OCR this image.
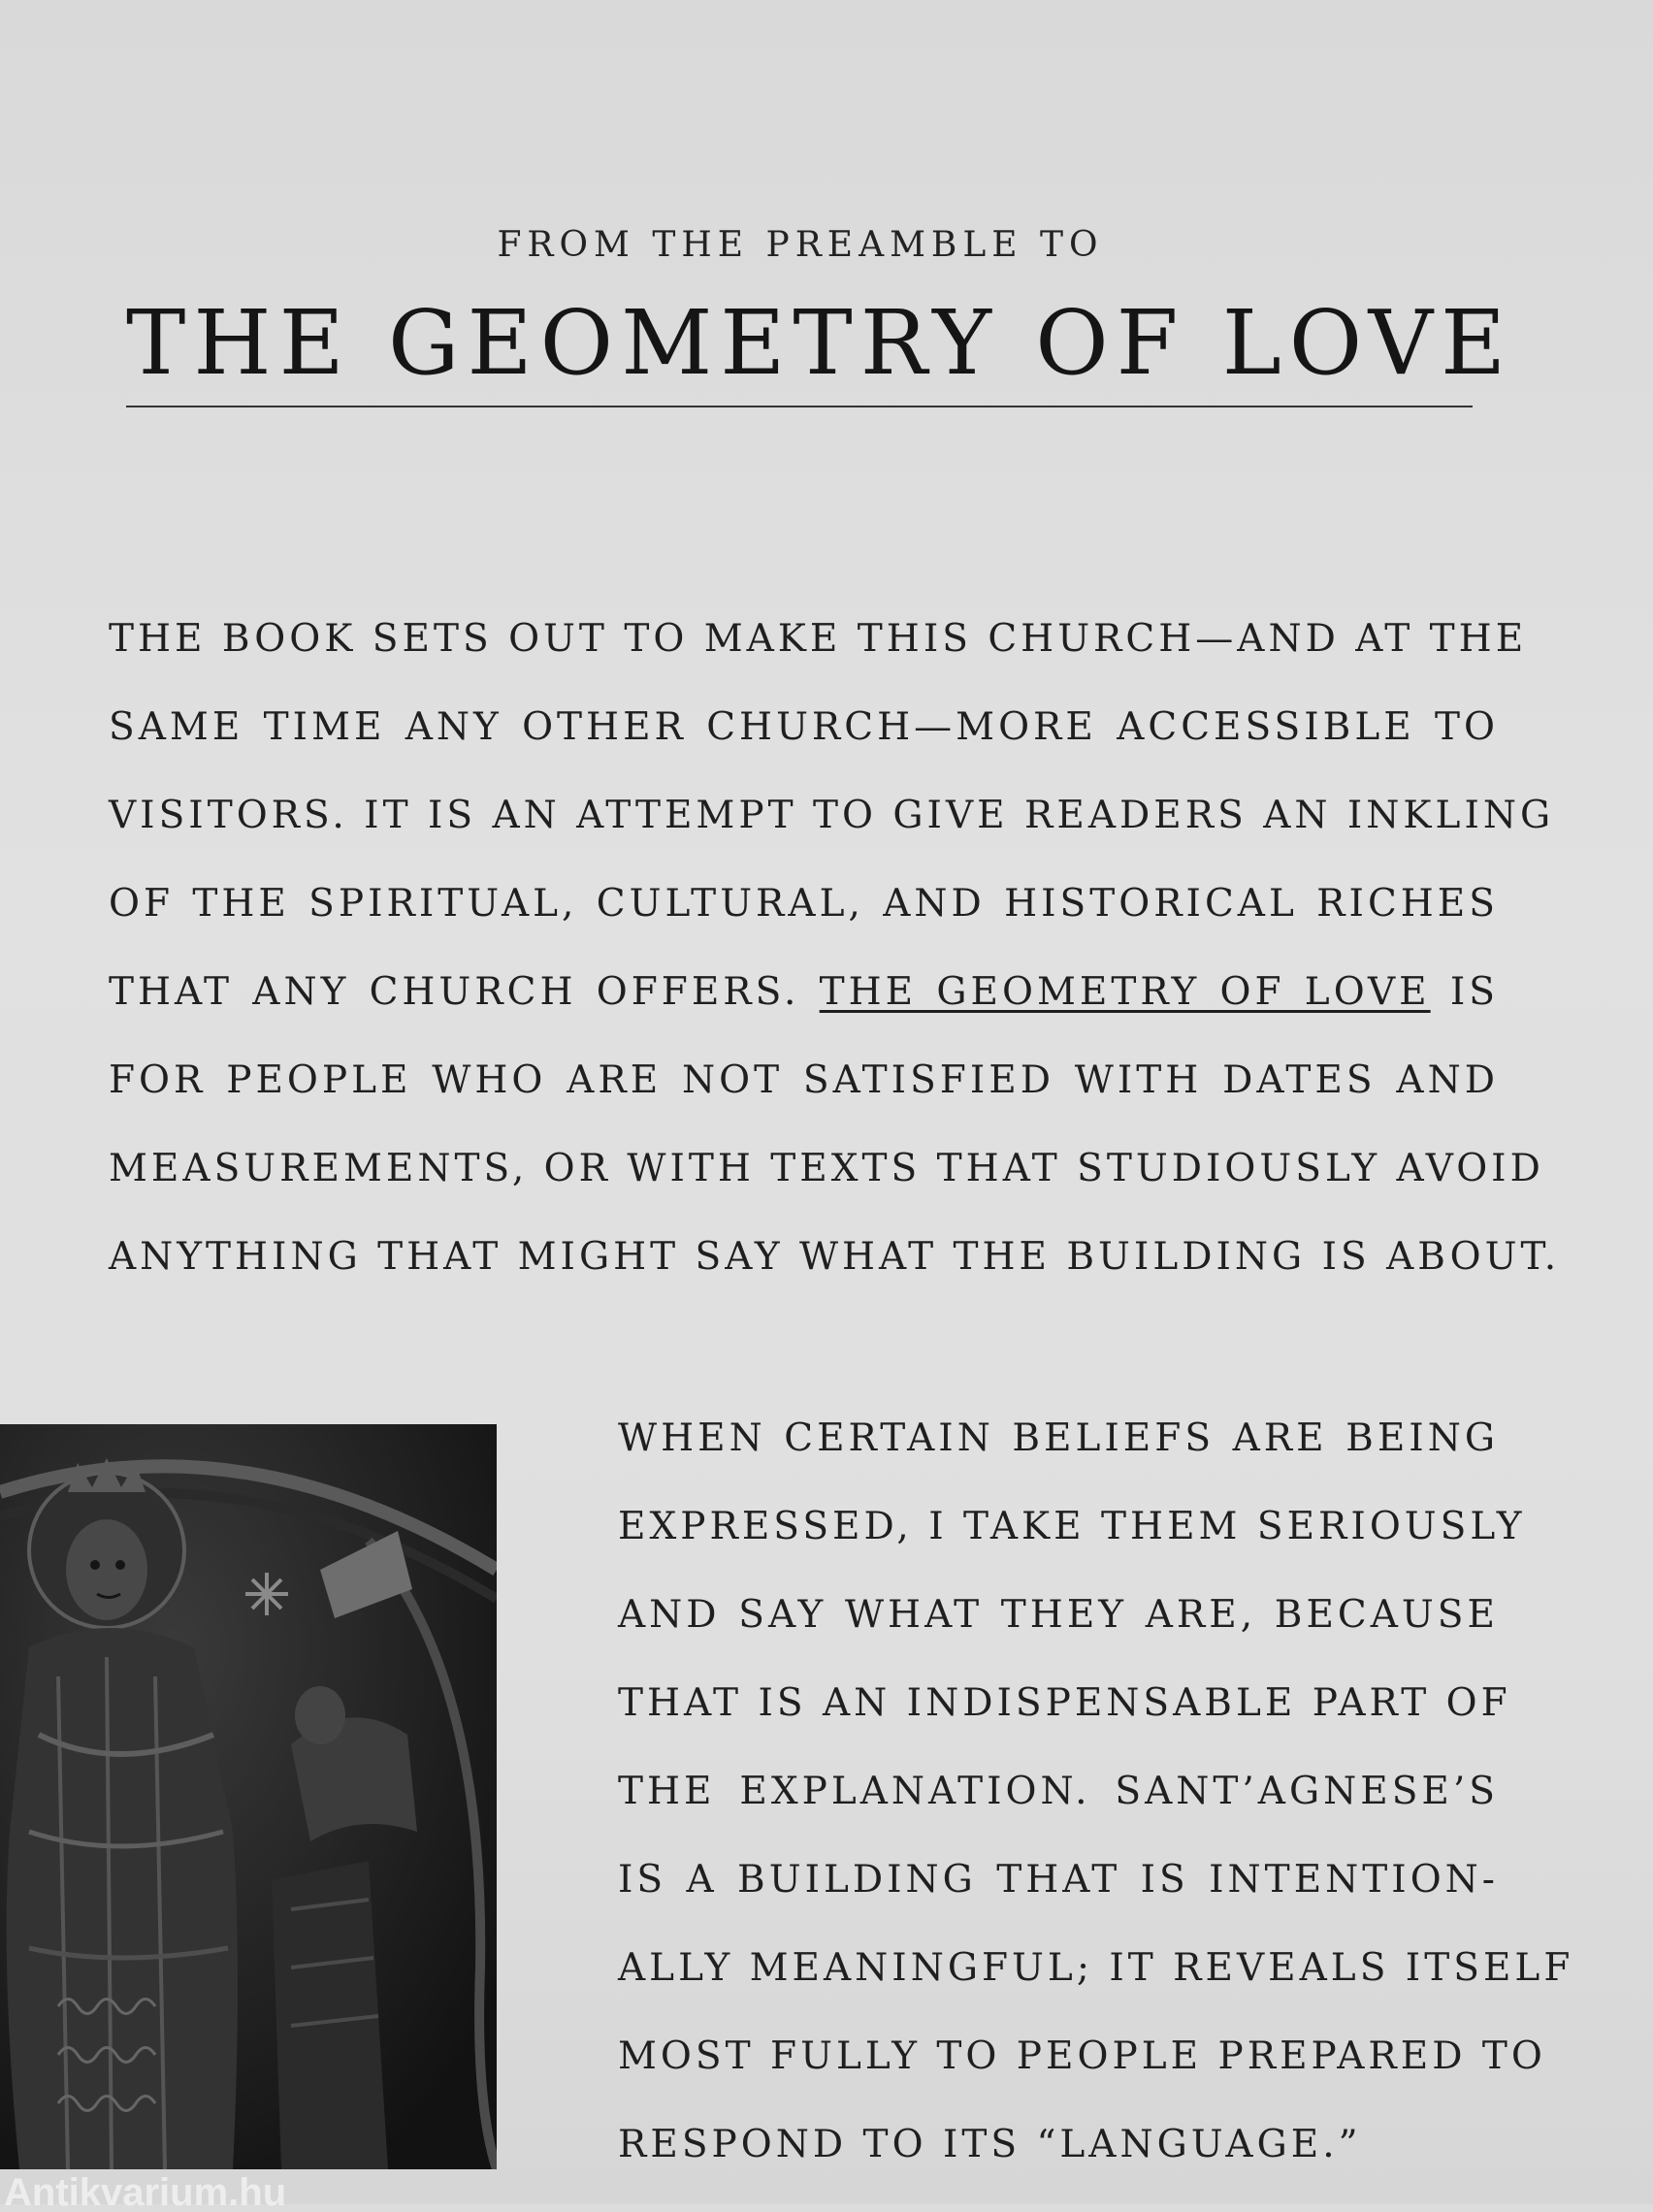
FROM THE PREAMBLE TO
THE GEOMETRY OF LOVE
THE BOOK SETS OUT TO MAKE THIS CHURCH—AND AT THE
SAME TIME ANY OTHER CHURCH—MORE ACCESSIBLE TO
VISITORS. IT IS AN ATTEMPT TO GIVE READERS AN INKLING
OF THE SPIRITUAL, CULTURAL, AND HISTORICAL RICHES
THAT ANY CHURCH OFFERS. THE GEOMETRY OF LOVE IS
FOR PEOPLE WHO ARE NOT SATISFIED WITH DATES AND
MEASUREMENTS, OR WITH TEXTS THAT STUDIOUSLY AVOID
ANYTHING THAT MIGHT SAY WHAT THE BUILDING IS ABOUT.
WHEN CERTAIN BELIEFS ARE BEING
EXPRESSED, I TAKE THEM SERIOUSLY
AND SAY WHAT THEY ARE, BECAUSE
THAT IS AN INDISPENSABLE PART OF
THE EXPLANATION. SANT’AGNESE’S
IS A BUILDING THAT IS INTENTION-
ALLY MEANINGFUL; IT REVEALS ITSELF
MOST FULLY TO PEOPLE PREPARED TO
RESPOND TO ITS “LANGUAGE.”
Antikvarium.hu
